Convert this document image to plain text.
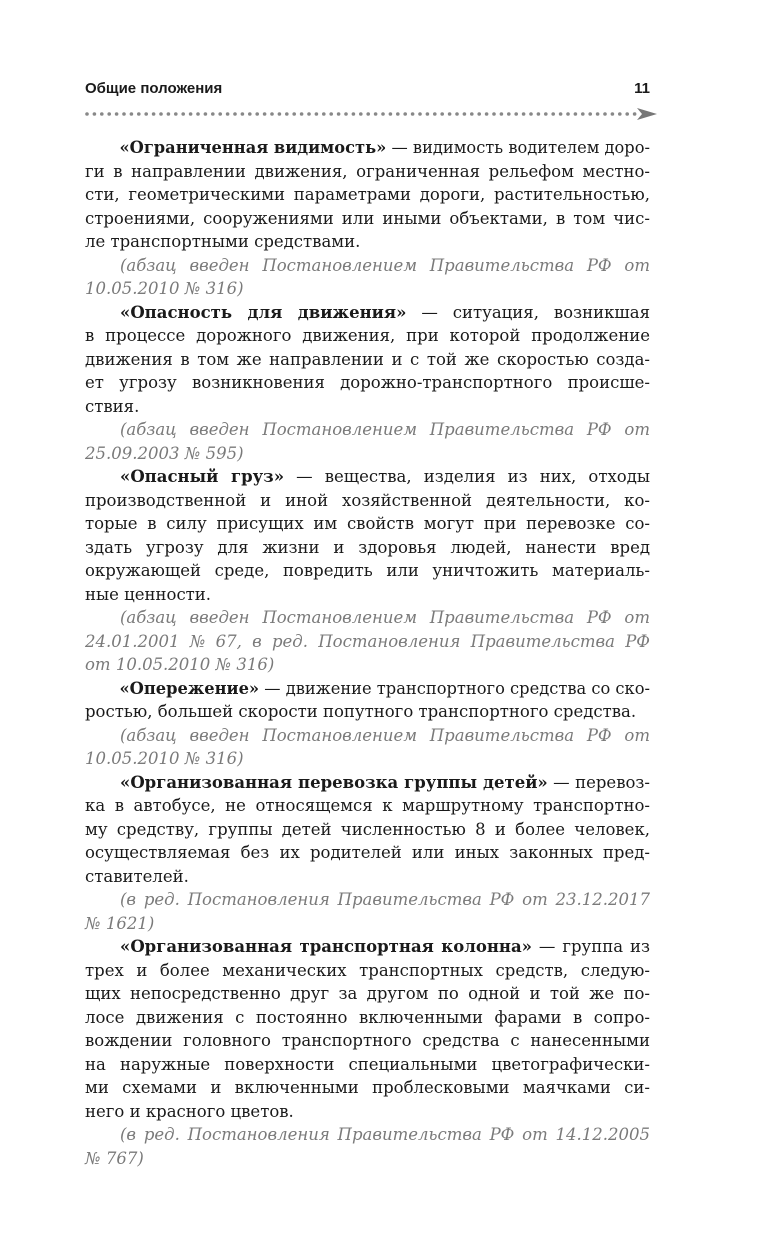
Общие положения	11
«Ограниченная видимость» — видимость водителем доро-
ги в направлении движения, ограниченная рельефом местно-
сти, геометрическими параметрами дороги, растительностью,
строениями, сооружениями или иными объектами, в том чис-
ле транспортными средствами.
(абзац введен Постановлением Правительства РФ от
10.05.2010 № 316)
«Опасность для движения» — ситуация, возникшая
в процессе дорожного движения, при которой продолжение
движения в том же направлении и с той же скоростью созда-
ет угрозу возникновения дорожно-транспортного происше-
ствия.
(абзац введен Постановлением Правительства РФ от
25.09.2003 № 595)
«Опасный груз» — вещества, изделия из них, отходы
производственной и иной хозяйственной деятельности, ко-
торые в силу присущих им свойств могут при перевозке со-
здать угрозу для жизни и здоровья людей, нанести вред
окружающей среде, повредить или уничтожить материаль-
ные ценности.
(абзац введен Постановлением Правительства РФ от
24.01.2001 № 67, в ред. Постановления Правительства РФ
от 10.05.2010 № 316)
«Опережение» — движение транспортного средства со ско-
ростью, большей скорости попутного транспортного средства.
(абзац введен Постановлением Правительства РФ от
10.05.2010 № 316)
«Организованная перевозка группы детей» — перевоз-
ка в автобусе, не относящемся к маршрутному транспортно-
му средству, группы детей численностью 8 и более человек,
осуществляемая без их родителей или иных законных пред-
ставителей.
(в ред. Постановления Правительства РФ от 23.12.2017
№ 1621)
«Организованная транспортная колонна» — группа из
трех и более механических транспортных средств, следую-
щих непосредственно друг за другом по одной и той же по-
лосе движения с постоянно включенными фарами в сопро-
вождении головного транспортного средства с нанесенными
на наружные поверхности специальными цветографически-
ми схемами и включенными проблесковыми маячками си-
него и красного цветов.
(в ред. Постановления Правительства РФ от 14.12.2005
№ 767)
